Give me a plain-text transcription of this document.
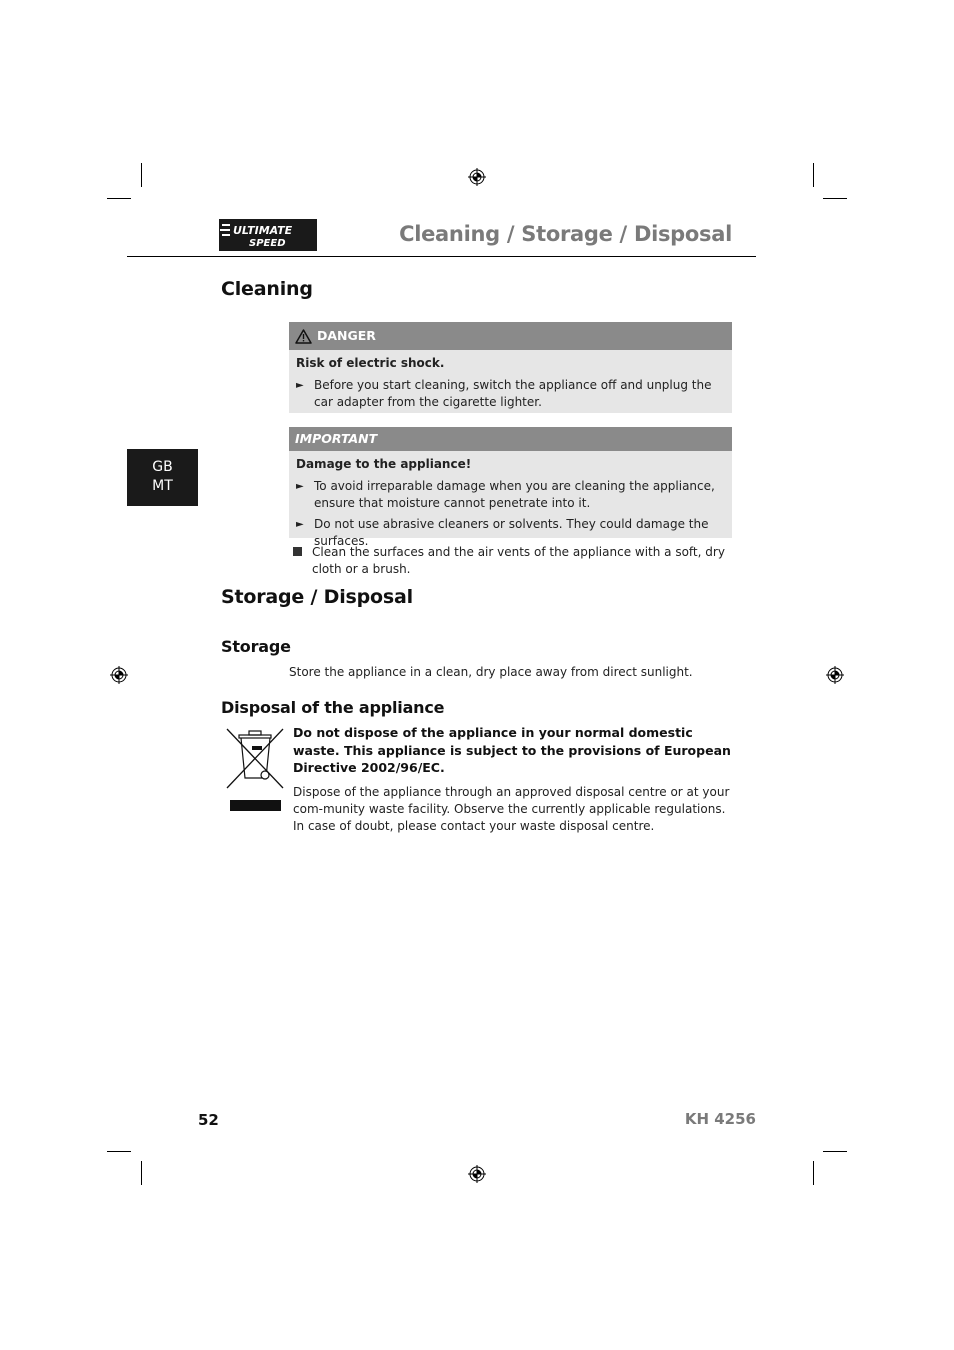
ULTIMATE
SPEED	Cleaning / Storage / Disposal
GB
MT
Cleaning
DANGER
Risk of electric shock.
► Before you start cleaning, switch the appliance off and unplug the car adapter from the cigarette lighter.
IMPORTANT
Damage to the appliance!
► To avoid irreparable damage when you are cleaning the appliance, ensure that moisture cannot penetrate into it.
► Do not use abrasive cleaners or solvents. They could damage the surfaces.
Clean the surfaces and the air vents of the appliance with a soft, dry cloth or a brush.
Storage / Disposal
Storage
Store the appliance in a clean, dry place away from direct sunlight.
Disposal of the appliance
Do not dispose of the appliance in your normal domestic waste. This appliance is subject to the provisions of European Directive 2002/96/EC.
Dispose of the appliance through an approved disposal centre or at your com-munity waste facility. Observe the currently applicable regulations. In case of doubt, please contact your waste disposal centre.
52	KH 4256
